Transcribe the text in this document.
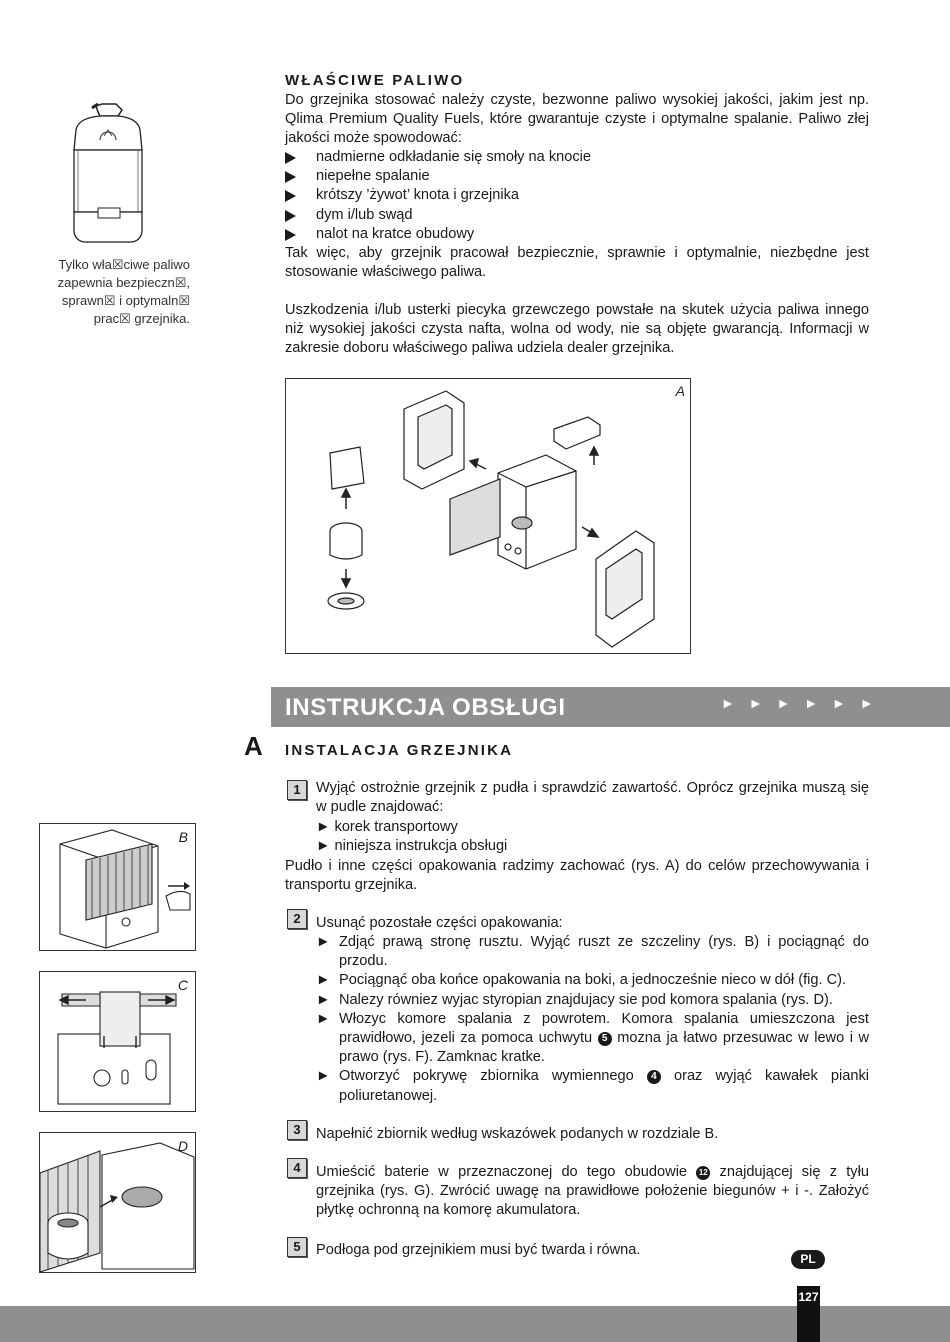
Tylko wła☒ciwe paliwo zapewnia bezpieczn☒, sprawn☒ i optymaln☒ prac☒ grzejnika.
WŁAŚCIWE PALIWO
Do grzejnika stosować należy czyste, bezwonne paliwo wysokiej jakości, jakim jest np. Qlima Premium Quality Fuels, które gwarantuje czyste i optymalne spalanie. Paliwo złej jakości może spowodować:
nadmierne odkładanie się smoły na knocie
niepełne spalanie
krótszy ’żywot’ knota i grzejnika
dym i/lub swąd
nalot na kratce obudowy
Tak więc, aby grzejnik pracował bezpiecznie, sprawnie i optymalnie, niezbędne jest stosowanie właściwego paliwa.
Uszkodzenia i/lub usterki piecyka grzewczego powstałe na skutek użycia paliwa innego niż wysokiej jakości czysta nafta, wolna od wody, nie są objęte gwarancją. Informacji w zakresie doboru właściwego paliwa udziela dealer grzejnika.
A
INSTRUKCJA OBSŁUGI	► ► ► ► ► ►
A INSTALACJA GRZEJNIKA
1	Wyjąć ostrożnie grzejnik z pudła i sprawdzić zawartość. Oprócz grzejnika muszą się w pudle znajdować:
► korek transportowy
► niniejsza instrukcja obsługi
Pudło i inne części opakowania radzimy zachować (rys. A) do celów przechowywania i transportu grzejnika.
2	Usunąć pozostałe części opakowania:
► Zdjąć prawą stronę rusztu. Wyjąć ruszt ze szczeliny (rys. B) i pociągnąć do przodu.
► Pociągnąć oba końce opakowania na boki, a jednocześnie nieco w dół (fig. C).
► Nalezy równiez wyjac styropian znajdujacy sie pod komora spalania (rys. D).
► Włozyc komore spalania z powrotem. Komora spalania umieszczona jest prawidłowo, jezeli za pomoca uchwytu 5 mozna ja łatwo przesuwac w lewo i w prawo (rys. F). Zamknac kratke.
► Otworzyć pokrywę zbiornika wymiennego 4 oraz wyjąć kawałek pianki poliuretanowej.
3	Napełnić zbiornik według wskazówek podanych w rozdziale B.
4	Umieścić baterie w przeznaczonej do tego obudowie 12 znajdującej się z tyłu grzejnika (rys. G). Zwrócić uwagę na prawidłowe położenie biegunów + i -. Założyć płytkę ochronną na komorę akumulatora.
5	Podłoga pod grzejnikiem musi być twarda i równa.
B
C
D
PL
127
